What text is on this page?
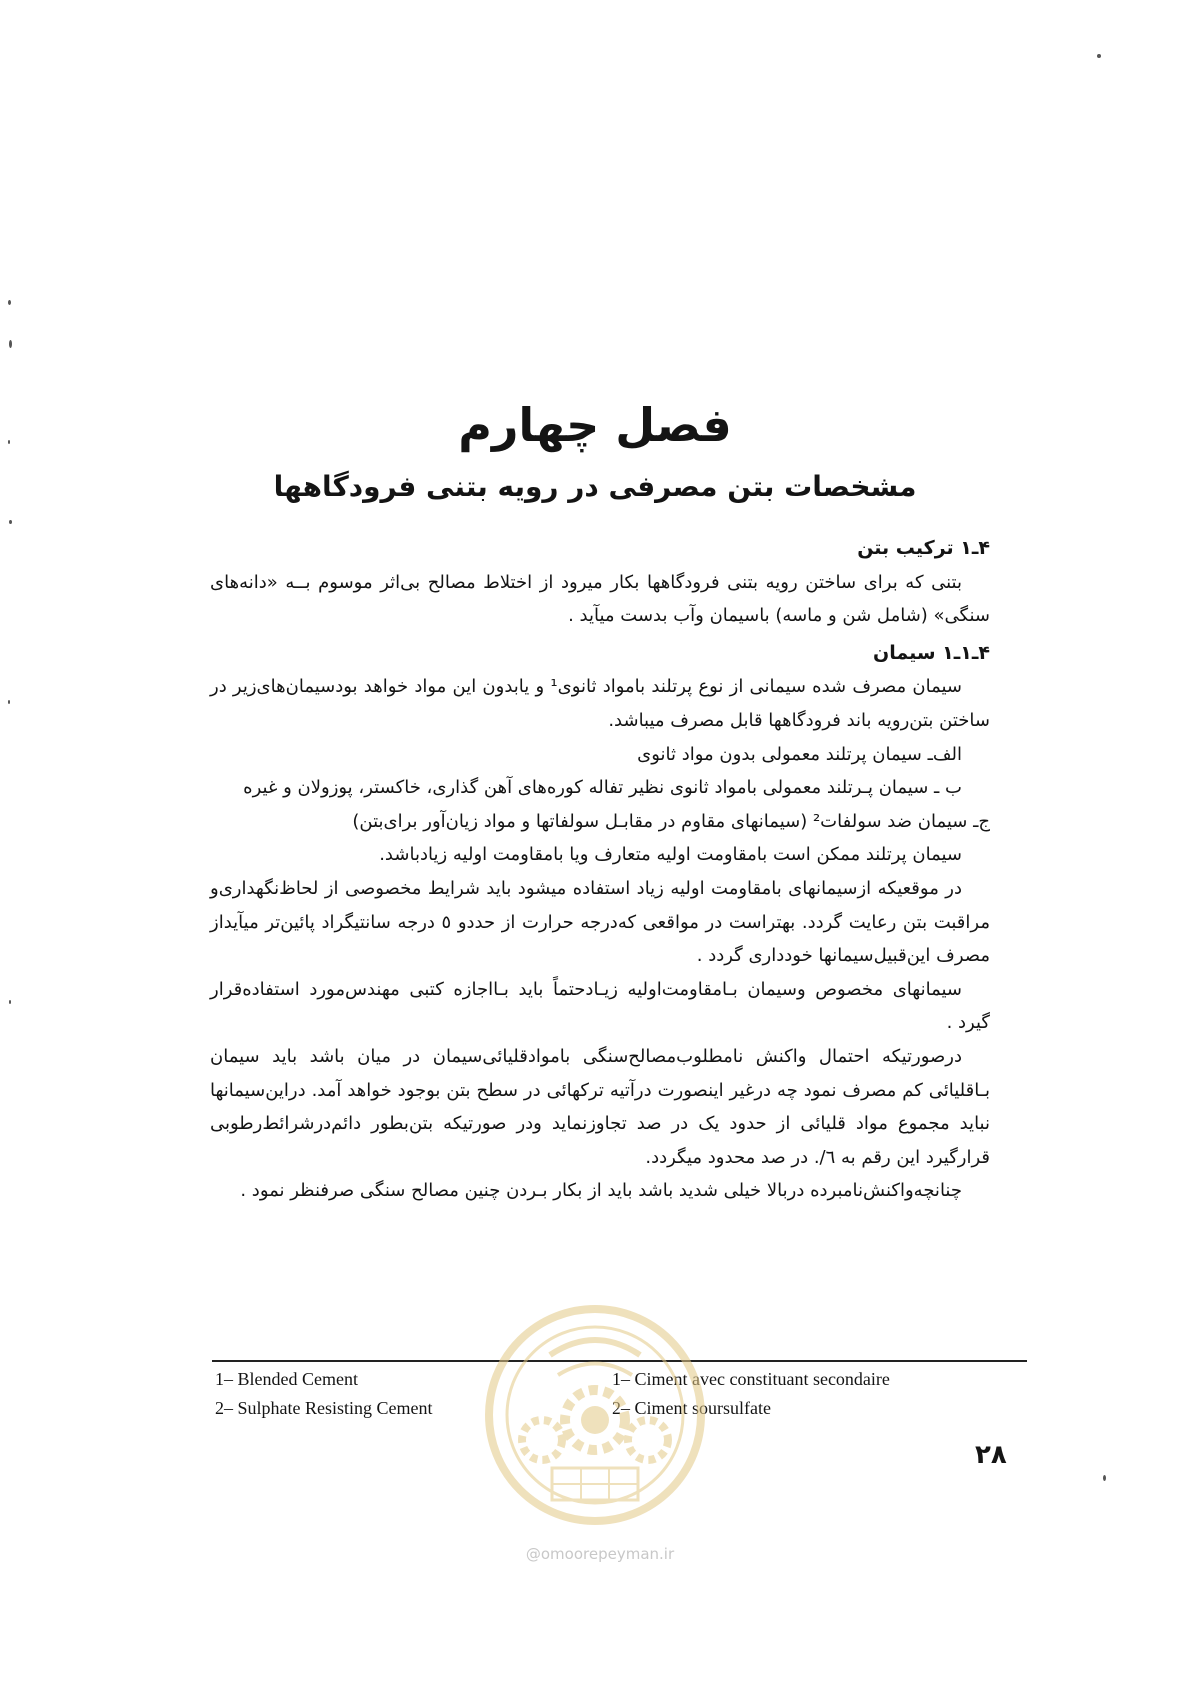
فصل چهارم
مشخصات بتن مصرفی در رویه بتنی فرودگاهها

۴ـ۱ ترکیب بتن

بتنی که برای ساختن رویه بتنی فرودگاهها بکار میرود از اختلاط مصالح بی‌اثر موسوم بــه «دانه‌های سنگی» (شامل شن و ماسه) باسیمان وآب بدست میآید .

۴ـ۱ـ۱ سیمان

سیمان مصرف شده سیمانی از نوع پرتلند بامواد ثانوی¹ و یابدون این مواد خواهد بودسیمان‌های‌زیر در ساختن بتن‌رویه باند فرودگاهها قابل مصرف میباشد.

الف‌ـ سیمان پرتلند معمولی بدون مواد ثانوی

ب ـ سیمان پـرتلند معمولی بامواد ثانوی نظیر تفاله کوره‌های آهن گذاری، خاکستر، پوزولان و غیره

ج‌ـ سیمان ضد سولفات² (سیمانهای مقاوم در مقابـل سولفاتها و مواد زیان‌آور برای‌بتن)

سیمان پرتلند ممکن است بامقاومت اولیه متعارف ویا بامقاومت اولیه زیادباشد.

در موقعیکه ازسیمانهای بامقاومت اولیه زیاد استفاده میشود باید شرایط مخصوصی از لحاظ‌نگهداری‌و مراقبت بتن رعایت گردد. بهتراست در مواقعی که‌درجه حرارت از حددو ٥ درجه سانتیگراد پائین‌تر میآیداز مصرف این‌قبیل‌سیمانها خودداری گردد .

سیمانهای مخصوص وسیمان بـامقاومت‌اولیه زیـادحتماً باید بـااجازه کتبی مهندس‌مورد استفاده‌قرار گیرد .

درصورتیکه احتمال واکنش نامطلوب‌مصالح‌سنگی بامواد‌قلیائی‌سیمان در میان باشد باید سیمان بـاقلیائی کم مصرف نمود چه درغیر اینصورت درآتیه ترکهائی در سطح بتن بوجود خواهد آمد. دراین‌سیمانها نباید مجموع مواد قلیائی از حدود یک در صد تجاوزنماید ودر صورتیکه بتن‌بطور دائم‌درشرائط‌رطوبی قرارگیرد این رقم به ٦/. در صد محدود میگردد.

چنانچه‌واکنش‌نامبرده دربالا خیلی شدید باشد باید از بکار بـردن چنین مصالح سنگی صرفنظر نمود .

1– Blended Cement
2– Sulphate Resisting Cement
1– Ciment avec constituant secondaire
2– Ciment soursulfate
۲۸
@omoorepeyman.ir
